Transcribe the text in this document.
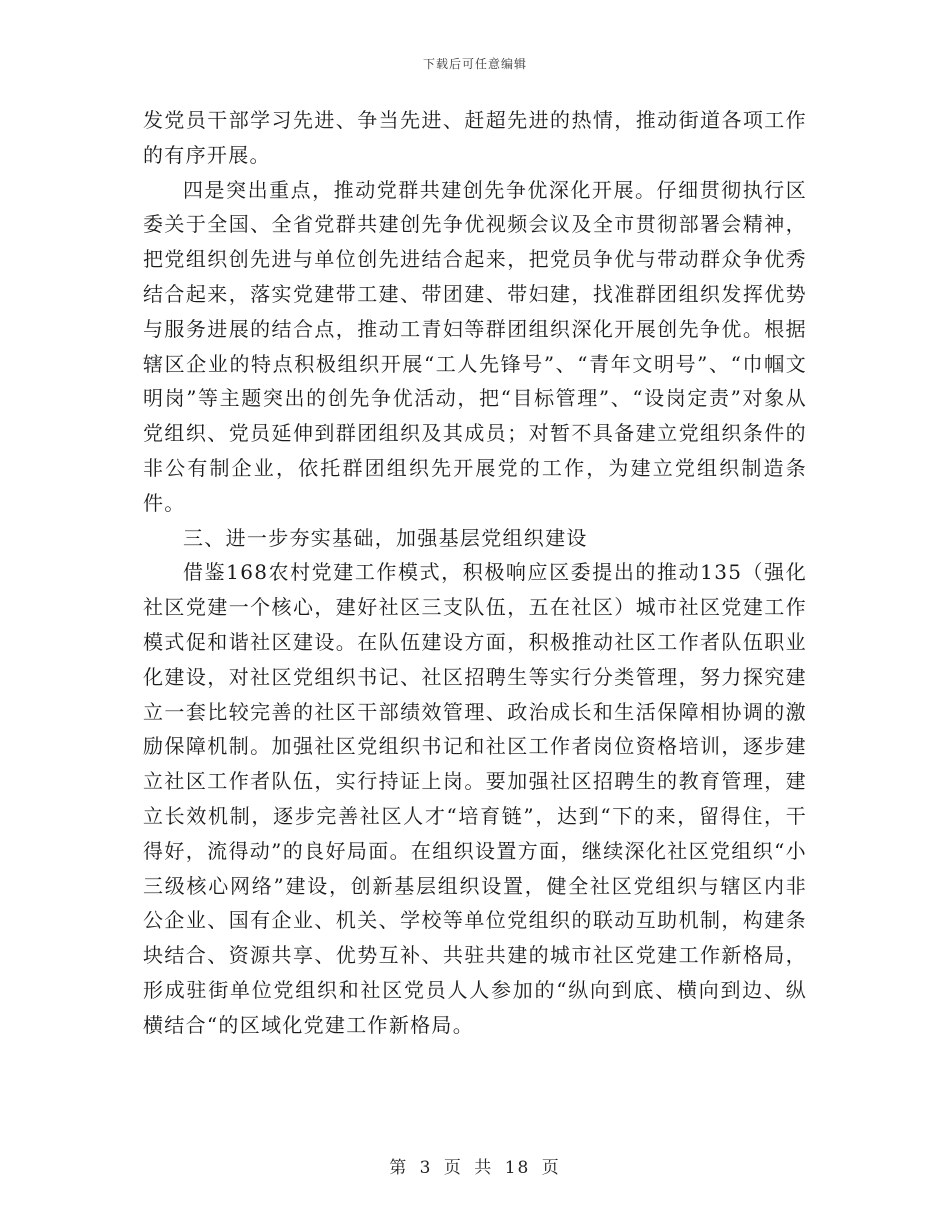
下载后可任意编辑

发党员干部学习先进、争当先进、赶超先进的热情，推动街道各项工作的有序开展。

四是突出重点，推动党群共建创先争优深化开展。仔细贯彻执行区委关于全国、全省党群共建创先争优视频会议及全市贯彻部署会精神，把党组织创先进与单位创先进结合起来，把党员争优与带动群众争优秀结合起来，落实党建带工建、带团建、带妇建，找准群团组织发挥优势与服务进展的结合点，推动工青妇等群团组织深化开展创先争优。根据辖区企业的特点积极组织开展“工人先锋号”、“青年文明号”、“巾帼文明岗”等主题突出的创先争优活动，把“目标管理”、“设岗定责”对象从党组织、党员延伸到群团组织及其成员；对暂不具备建立党组织条件的非公有制企业，依托群团组织先开展党的工作，为建立党组织制造条件。

三、进一步夯实基础，加强基层党组织建设

借鉴168农村党建工作模式，积极响应区委提出的推动135（强化社区党建一个核心，建好社区三支队伍，五在社区）城市社区党建工作模式促和谐社区建设。在队伍建设方面，积极推动社区工作者队伍职业化建设，对社区党组织书记、社区招聘生等实行分类管理，努力探究建立一套比较完善的社区干部绩效管理、政治成长和生活保障相协调的激励保障机制。加强社区党组织书记和社区工作者岗位资格培训，逐步建立社区工作者队伍，实行持证上岗。要加强社区招聘生的教育管理，建立长效机制，逐步完善社区人才“培育链”，达到“下的来，留得住，干得好，流得动”的良好局面。在组织设置方面，继续深化社区党组织“小三级核心网络”建设，创新基层组织设置，健全社区党组织与辖区内非公企业、国有企业、机关、学校等单位党组织的联动互助机制，构建条块结合、资源共享、优势互补、共驻共建的城市社区党建工作新格局，形成驻街单位党组织和社区党员人人参加的“纵向到底、横向到边、纵横结合“的区域化党建工作新格局。

第 3 页 共 18 页
